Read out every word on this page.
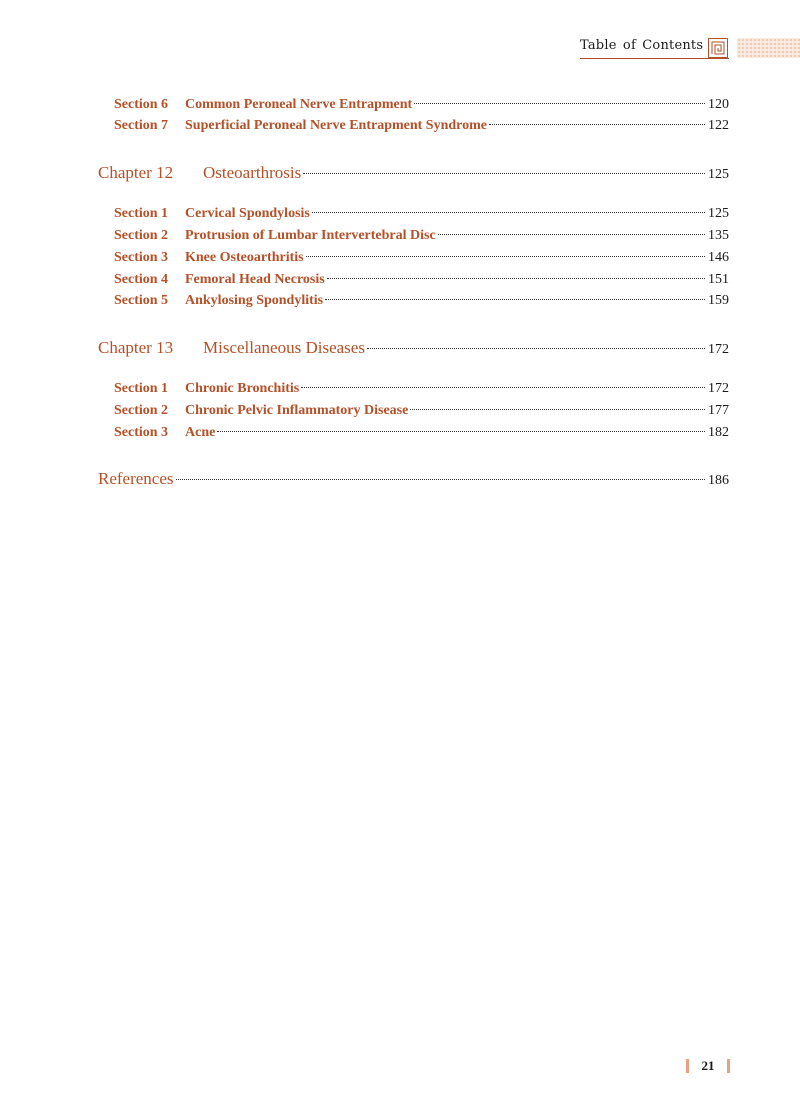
Table of Contents
Section 6	Common Peroneal Nerve Entrapment	120
Section 7	Superficial Peroneal Nerve Entrapment Syndrome	122
Chapter 12	Osteoarthrosis	125
Section 1	Cervical Spondylosis	125
Section 2	Protrusion of Lumbar Intervertebral Disc	135
Section 3	Knee Osteoarthritis	146
Section 4	Femoral Head Necrosis	151
Section 5	Ankylosing Spondylitis	159
Chapter 13	Miscellaneous Diseases	172
Section 1	Chronic Bronchitis	172
Section 2	Chronic Pelvic Inflammatory Disease	177
Section 3	Acne	182
References	186
21
